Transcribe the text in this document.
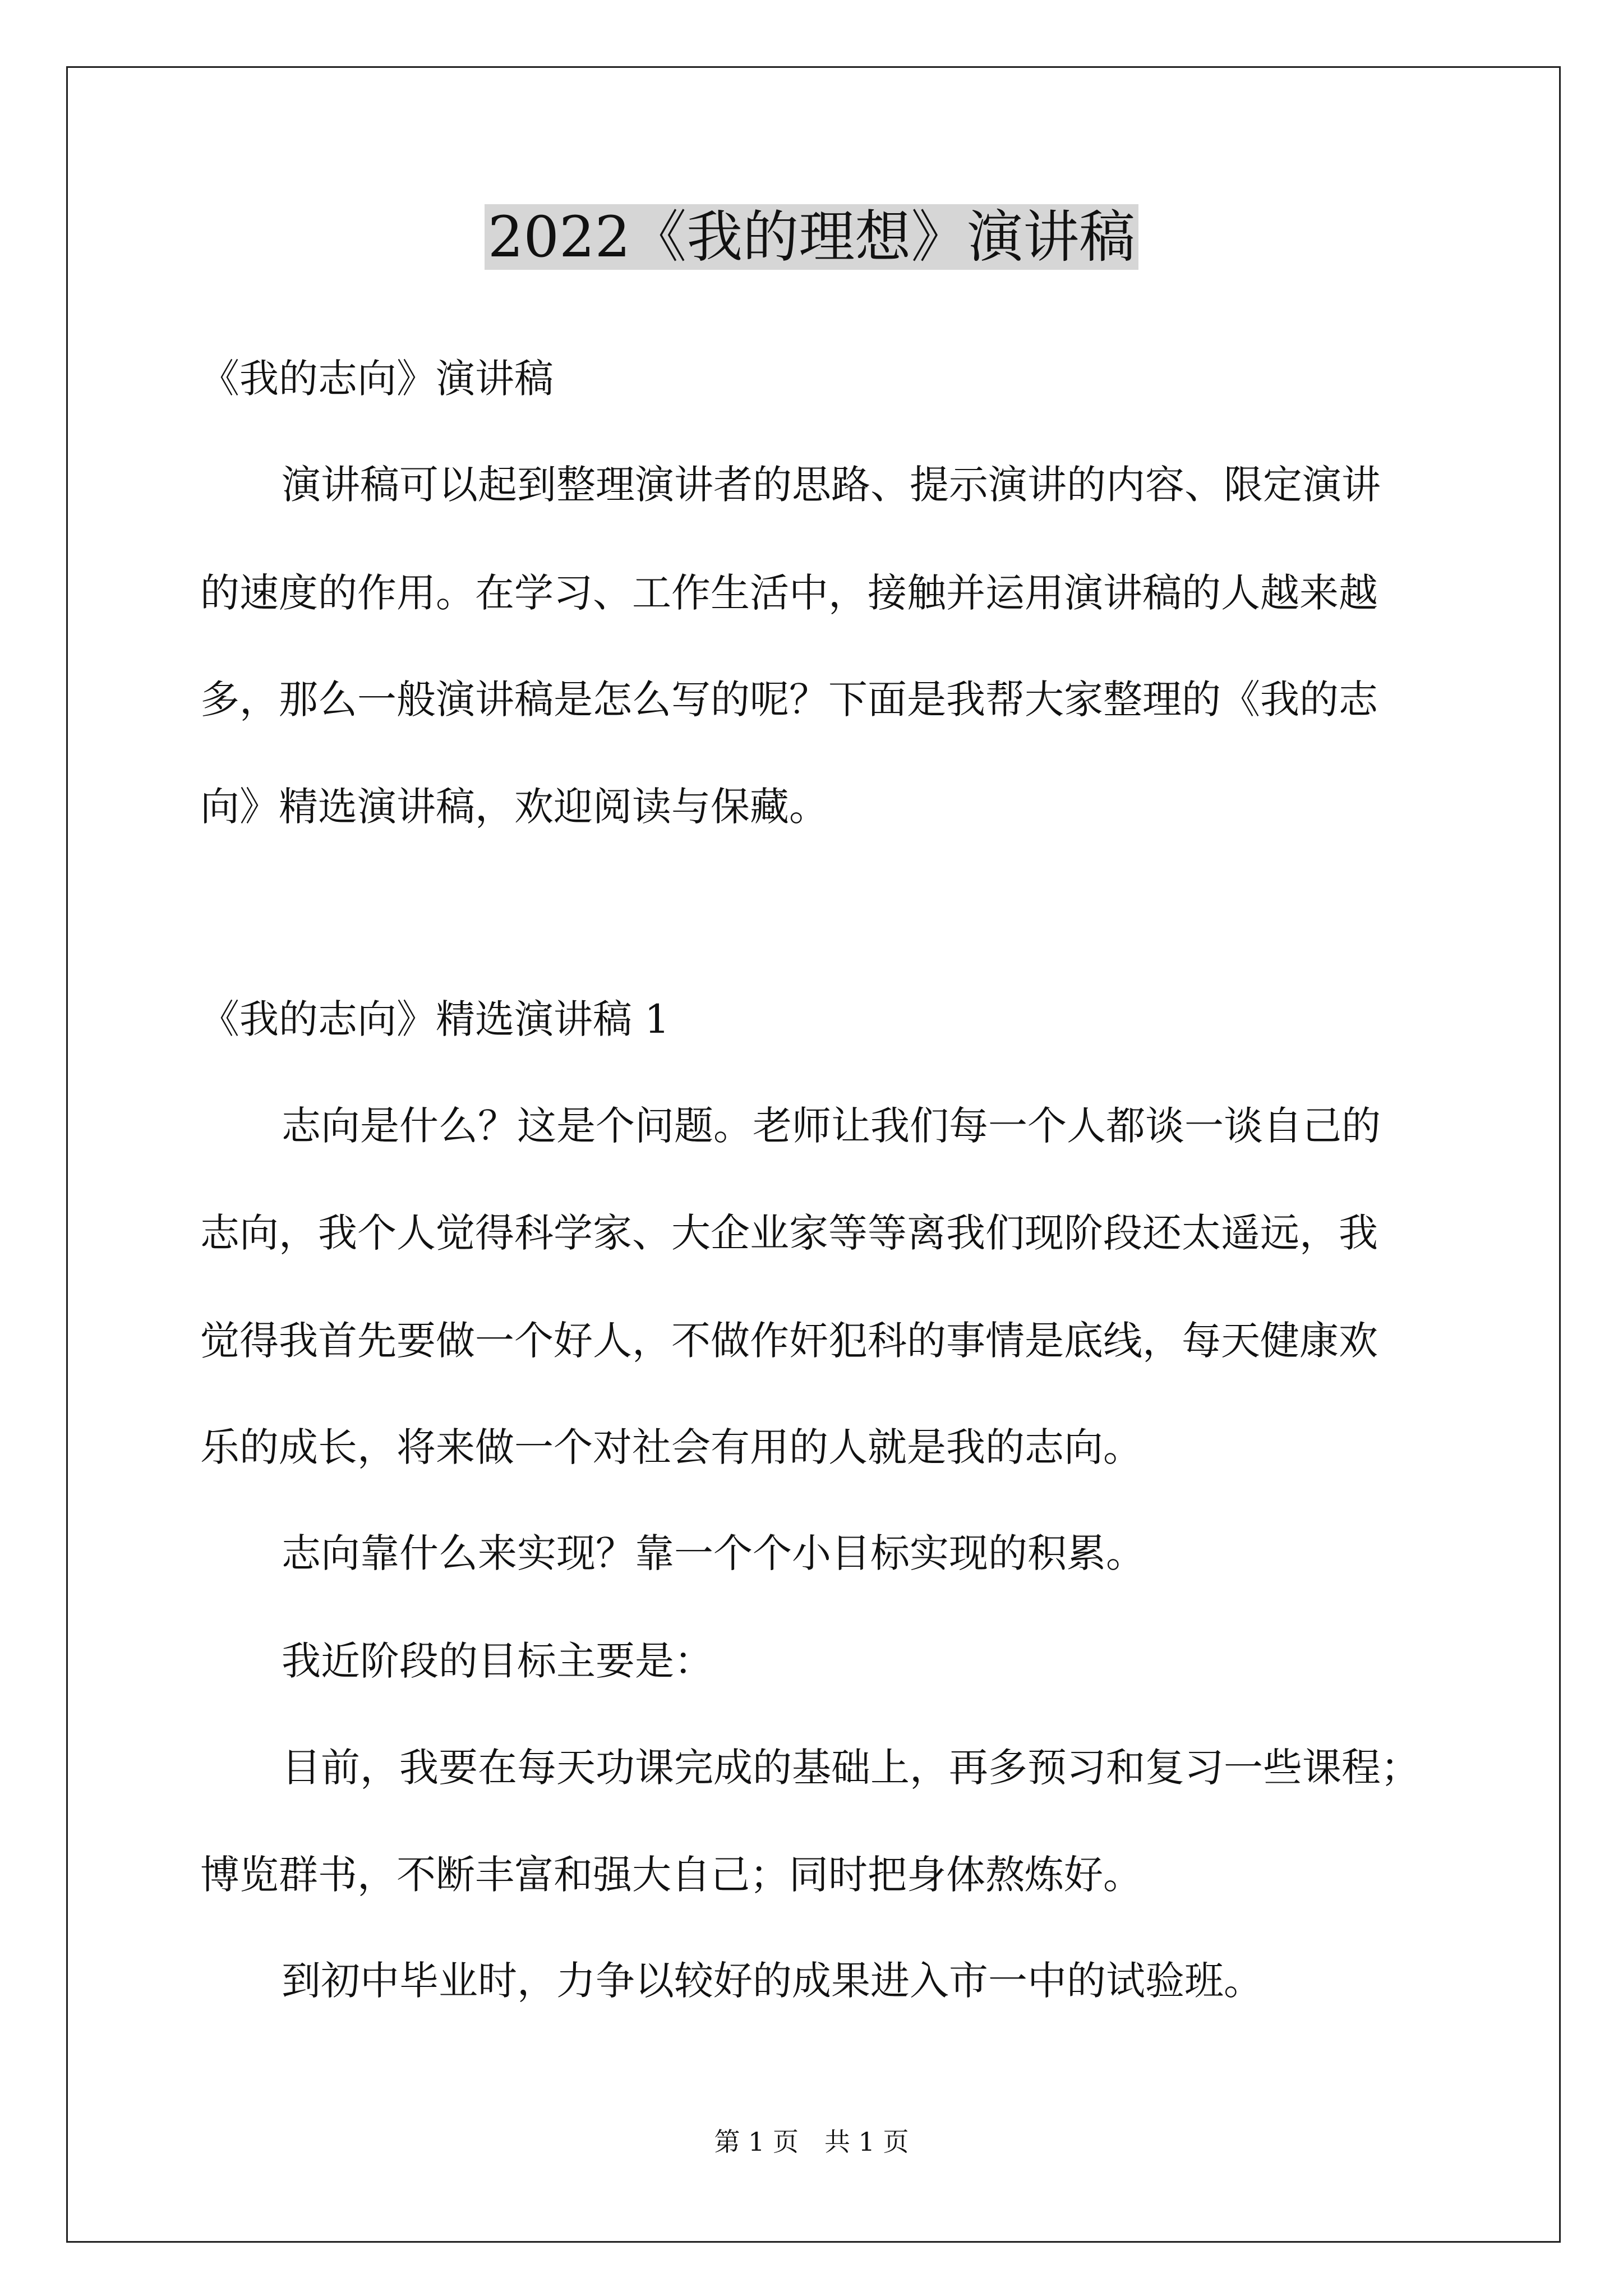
2022《我的理想》演讲稿
《我的志向》演讲稿
演讲稿可以起到整理演讲者的思路、提示演讲的内容、限定演讲
的速度的作用。在学习、工作生活中，接触并运用演讲稿的人越来越
多，那么一般演讲稿是怎么写的呢？下面是我帮大家整理的《我的志
向》精选演讲稿，欢迎阅读与保藏。
《我的志向》精选演讲稿 1
志向是什么？这是个问题。老师让我们每一个人都谈一谈自己的
志向，我个人觉得科学家、大企业家等等离我们现阶段还太遥远，我
觉得我首先要做一个好人，不做作奸犯科的事情是底线，每天健康欢
乐的成长，将来做一个对社会有用的人就是我的志向。
志向靠什么来实现？靠一个个小目标实现的积累。
我近阶段的目标主要是：
目前，我要在每天功课完成的基础上，再多预习和复习一些课程；
博览群书，不断丰富和强大自己；同时把身体熬炼好。
到初中毕业时，力争以较好的成果进入市一中的试验班。
第 1 页　共 1 页
